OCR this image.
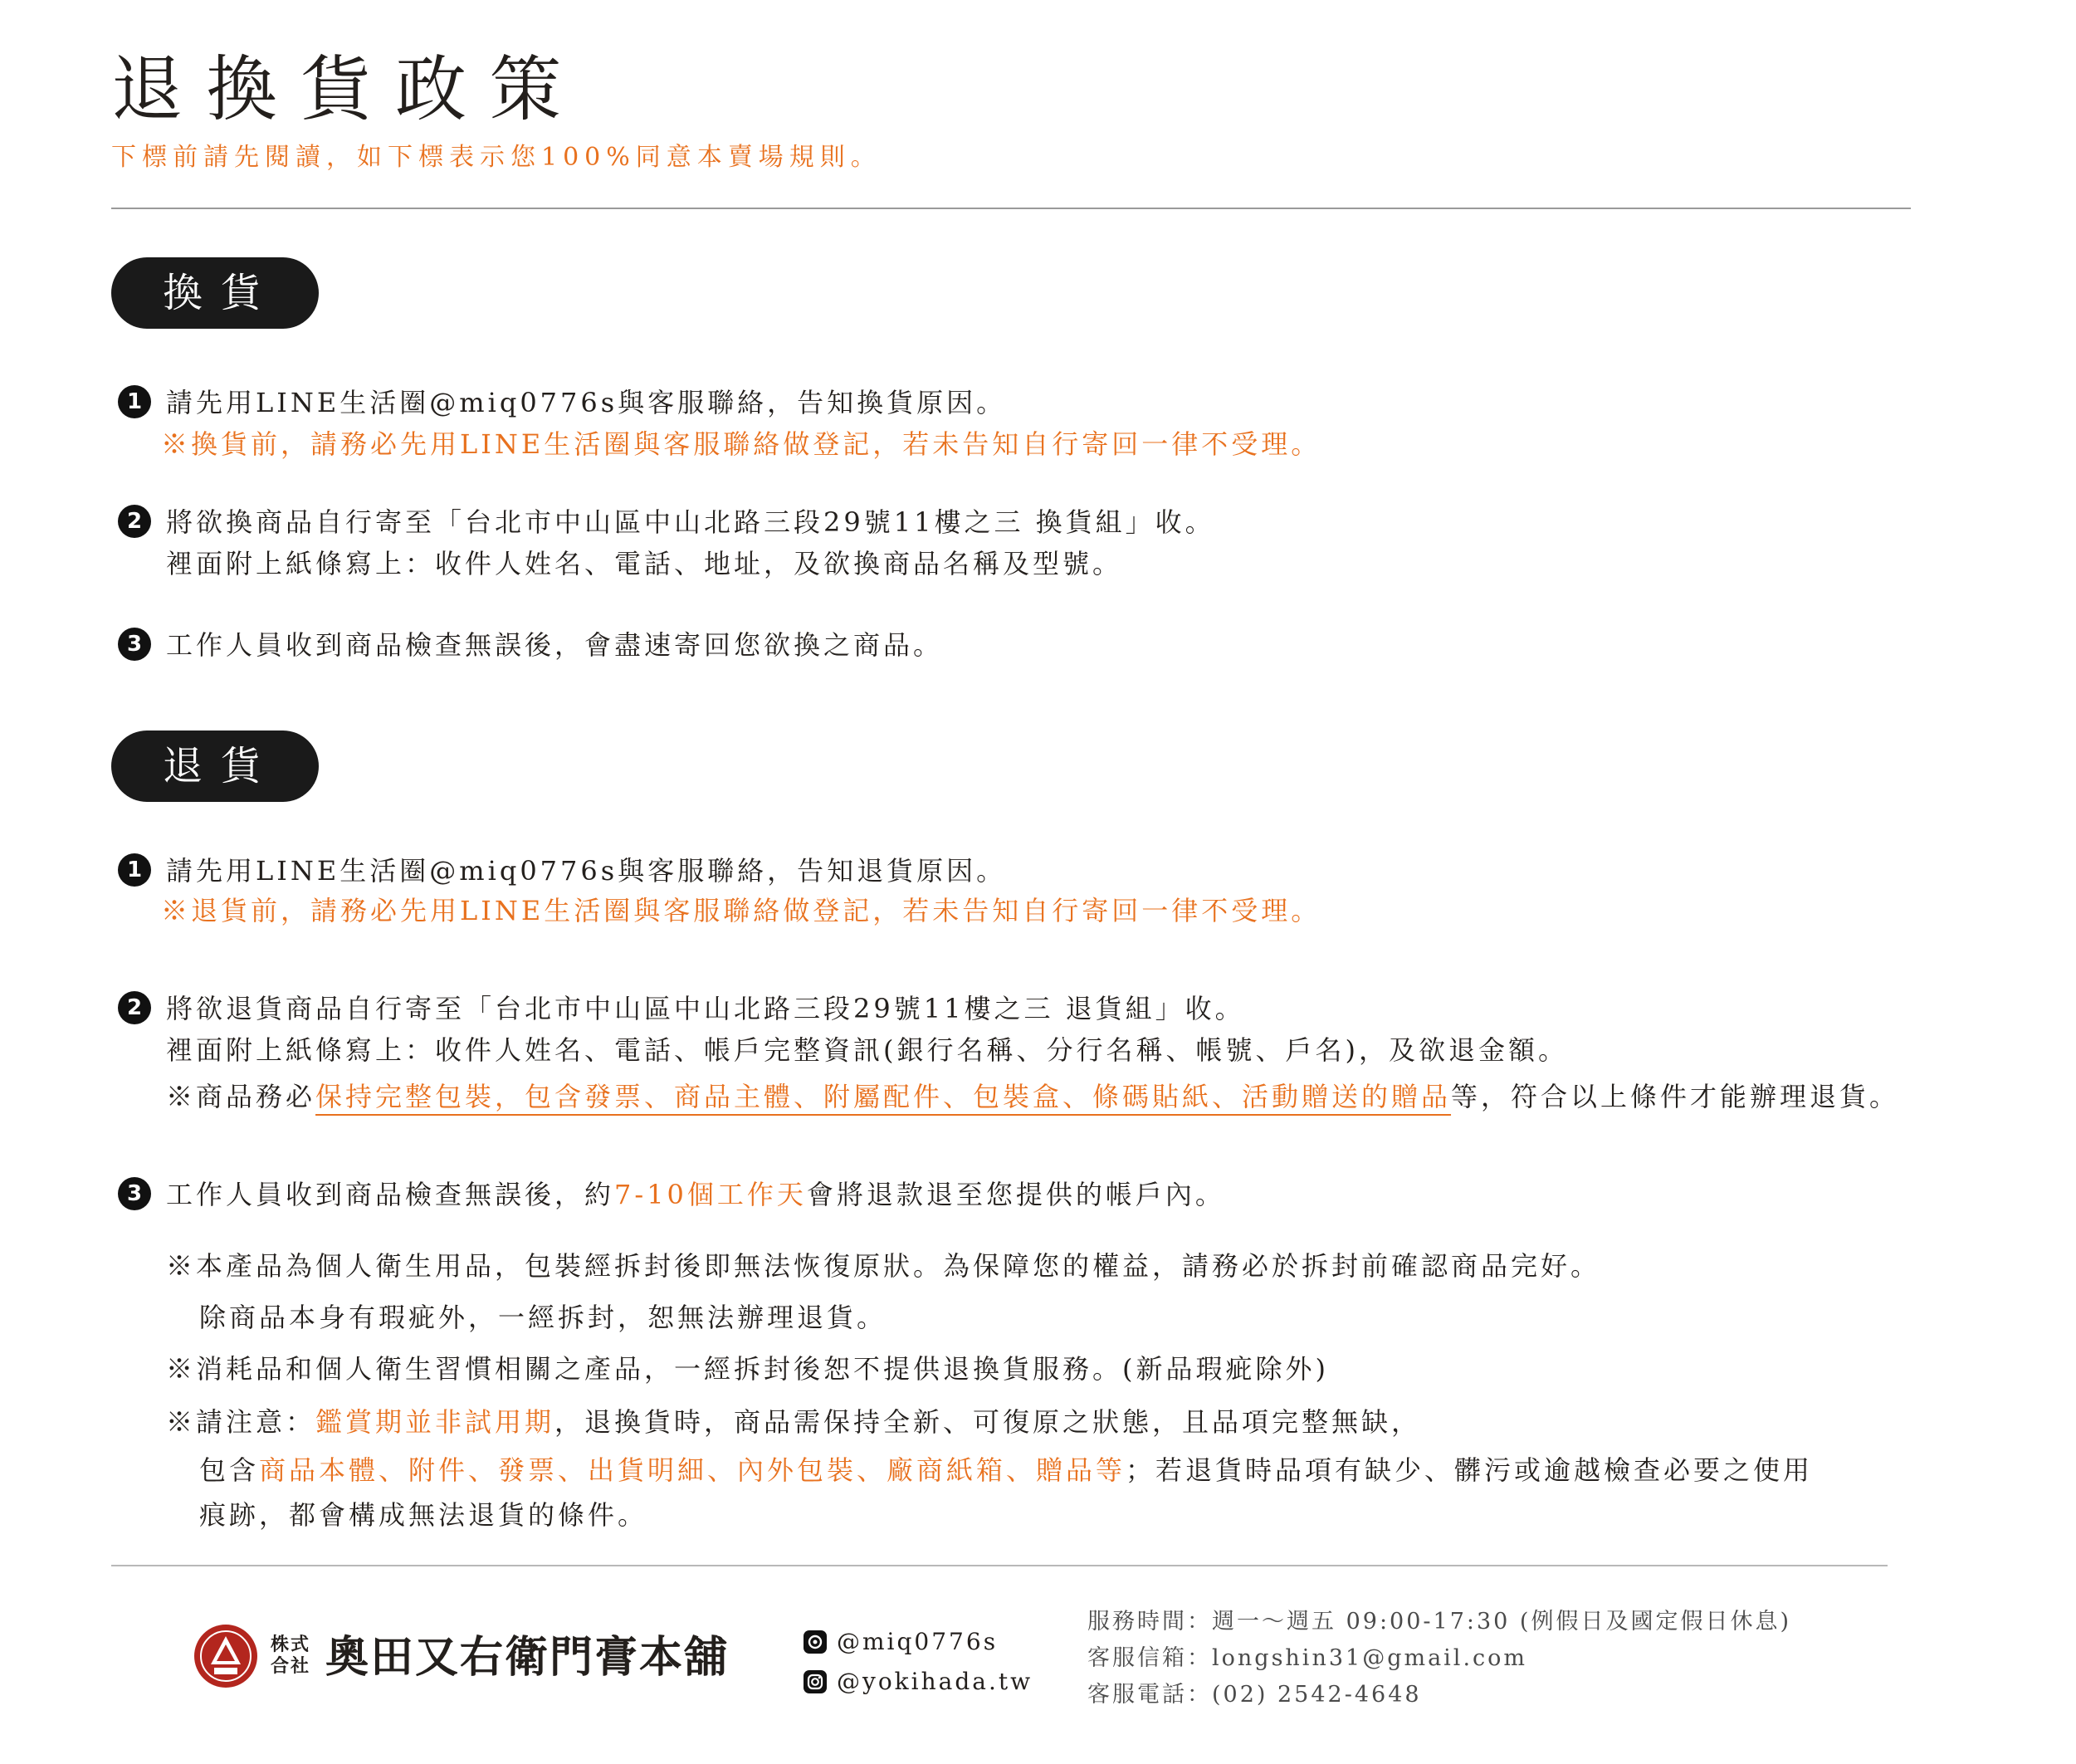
退換貨政策
下標前請先閱讀，如下標表示您100%同意本賣場規則。
換貨
1 請先用LINE生活圈@miq0776s與客服聯絡，告知換貨原因。
※換貨前，請務必先用LINE生活圈與客服聯絡做登記，若未告知自行寄回一律不受理。
2 將欲換商品自行寄至「台北市中山區中山北路三段29號11樓之三 換貨組」收。
裡面附上紙條寫上：收件人姓名、電話、地址，及欲換商品名稱及型號。
3 工作人員收到商品檢查無誤後，會盡速寄回您欲換之商品。
退貨
1 請先用LINE生活圈@miq0776s與客服聯絡，告知退貨原因。
※退貨前，請務必先用LINE生活圈與客服聯絡做登記，若未告知自行寄回一律不受理。
2 將欲退貨商品自行寄至「台北市中山區中山北路三段29號11樓之三 退貨組」收。
裡面附上紙條寫上：收件人姓名、電話、帳戶完整資訊(銀行名稱、分行名稱、帳號、戶名)，及欲退金額。
※商品務必保持完整包裝，包含發票、商品主體、附屬配件、包裝盒、條碼貼紙、活動贈送的贈品等，符合以上條件才能辦理退貨。
3 工作人員收到商品檢查無誤後，約7-10個工作天會將退款退至您提供的帳戶內。
※本產品為個人衛生用品，包裝經拆封後即無法恢復原狀。為保障您的權益，請務必於拆封前確認商品完好。
除商品本身有瑕疵外，一經拆封，恕無法辦理退貨。
※消耗品和個人衛生習慣相關之產品，一經拆封後恕不提供退換貨服務。(新品瑕疵除外)
※請注意：鑑賞期並非試用期，退換貨時，商品需保持全新、可復原之狀態，且品項完整無缺，
包含商品本體、附件、發票、出貨明細、內外包裝、廠商紙箱、贈品等；若退貨時品項有缺少、髒污或逾越檢查必要之使用
痕跡，都會構成無法退貨的條件。
株式合社 奧田又右衛門膏本舖	@miq0776s
@yokihada.tw
服務時間：週一～週五 09:00-17:30 (例假日及國定假日休息)
客服信箱：longshin31@gmail.com
客服電話：(02) 2542-4648
